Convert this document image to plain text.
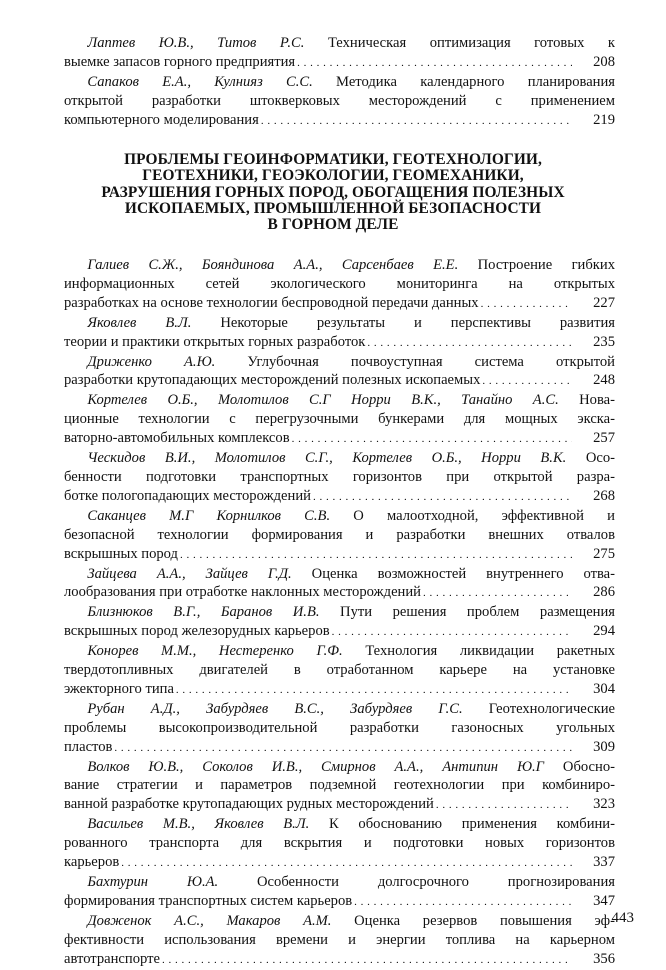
Лаптев Ю.В., Титов Р.С. Техническая оптимизация готовых к
выемке запасов горного предприятия . . .	208
Сапаков Е.А., Кулнияз С.С. Методика календарного планирования
открытой разработки штокверковых месторождений с применением
компьютерного моделирования . . .	219
ПРОБЛЕМЫ ГЕОИНФОРМАТИКИ, ГЕОТЕХНОЛОГИИ,
ГЕОТЕХНИКИ, ГЕОЭКОЛОГИИ, ГЕОМЕХАНИКИ,
РАЗРУШЕНИЯ ГОРНЫХ ПОРОД, ОБОГАЩЕНИЯ ПОЛЕЗНЫХ
ИСКОПАЕМЫХ, ПРОМЫШЛЕННОЙ БЕЗОПАСНОСТИ
В ГОРНОМ ДЕЛЕ
Галиев С.Ж., Бояндинова А.А., Сарсенбаев Е.Е. Построение гибких
информационных сетей экологического мониторинга на открытых
разработках на основе технологии беспроводной передачи данных . . .	227
Яковлев В.Л. Некоторые результаты и перспективы развития
теории и практики открытых горных разработок . . .	235
Дриженко А.Ю. Углубочная почвоуступная система открытой
разработки крутопадающих месторождений полезных ископаемых . . .	248
Кортелев О.Б., Молотилов С.Г Норри В.К., Танайно А.С. Нова-
ционные технологии с перегрузочными бункерами для мощных экска-
ваторно-автомобильных комплексов . . .	257
Ческидов В.И., Молотилов С.Г., Кортелев О.Б., Норри В.К. Осо-
бенности подготовки транспортных горизонтов при открытой разра-
ботке пологопадающих месторождений . . .	268
Саканцев М.Г Корнилков С.В. О малоотходной, эффективной и
безопасной технологии формирования и разработки внешних отвалов
вскрышных пород . . .	275
Зайцева А.А., Зайцев Г.Д. Оценка возможностей внутреннего отва-
лообразования при отработке наклонных месторождений . . .	286
Близнюков В.Г., Баранов И.В. Пути решения проблем размещения
вскрышных пород железорудных карьеров . . .	294
Конорев М.М., Нестеренко Г.Ф. Технология ликвидации ракетных
твердотопливных двигателей в отработанном карьере на установке
эжекторного типа . . .	304
Рубан А.Д., Забурдяев В.С., Забурдяев Г.С. Геотехнологические
проблемы высокопроизводительной разработки газоносных угольных
пластов . . .	309
Волков Ю.В., Соколов И.В., Смирнов А.А., Антипин Ю.Г Обосно-
вание стратегии и параметров подземной геотехнологии при комбиниро-
ванной разработке крутопадающих рудных месторождений . . .	323
Васильев М.В., Яковлев В.Л. К обоснованию применения комбини-
рованного транспорта для вскрытия и подготовки новых горизонтов
карьеров . . .	337
Бахтурин Ю.А.	Особенности долгосрочного прогнозирования
формирования транспортных систем карьеров . . .	347
Довженок А.С., Макаров А.М. Оценка резервов повышения эф-
фективности использования времени и энергии топлива на карьерном
автотранспорте . . .	356
443
